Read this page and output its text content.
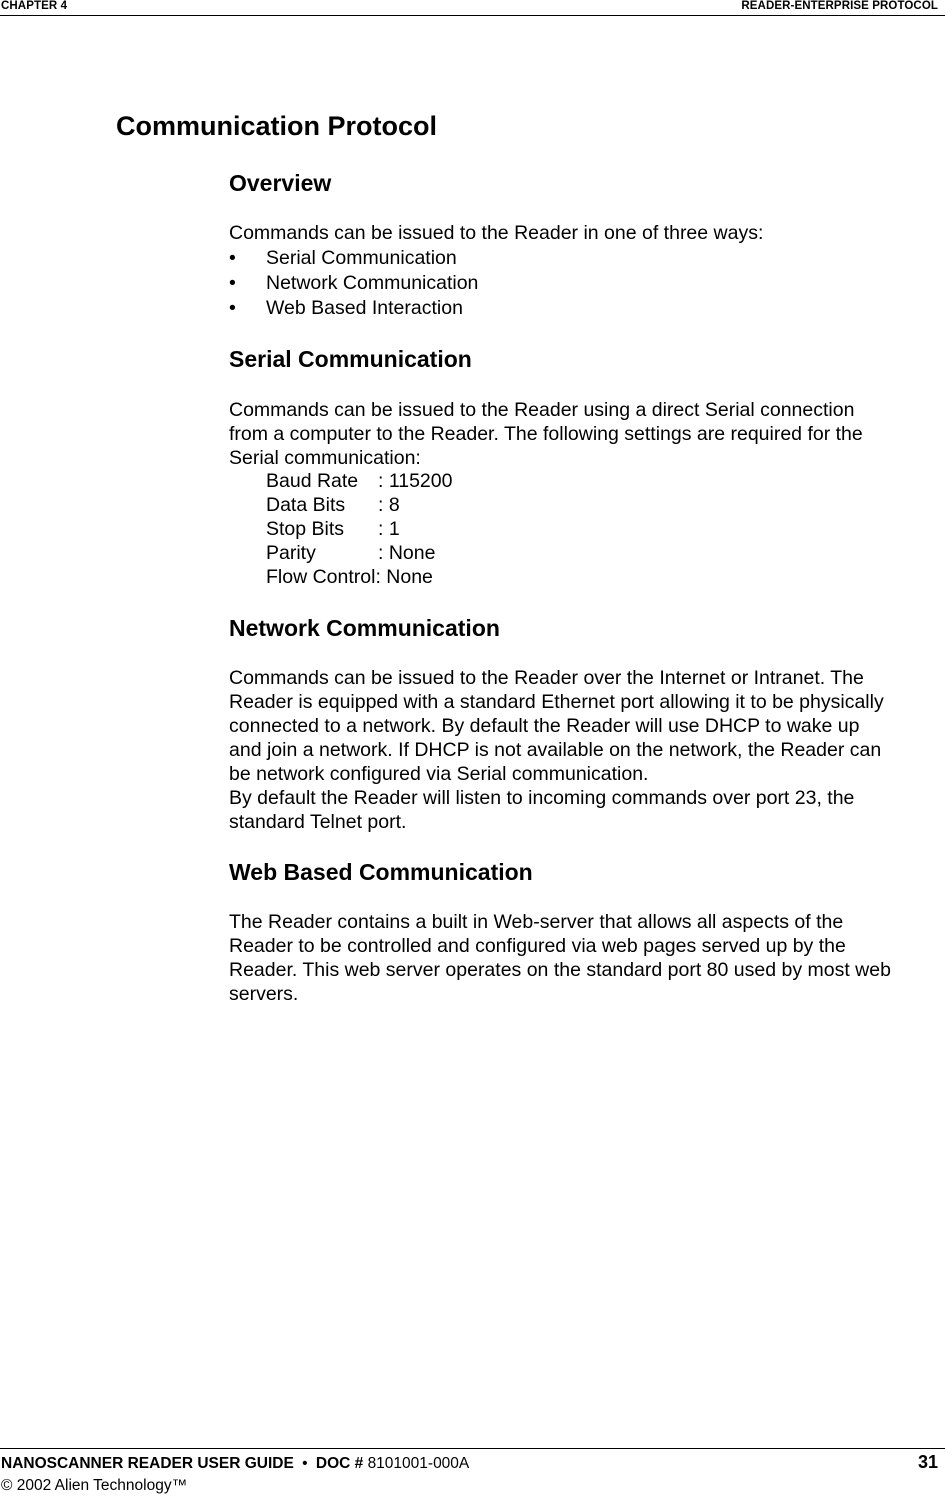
CHAPTER 4	READER-ENTERPRISE PROTOCOL
Communication Protocol
Overview
Commands can be issued to the Reader in one of three ways:
• Serial Communication
• Network Communication
• Web Based Interaction
Serial Communication
Commands can be issued to the Reader using a direct Serial connection
from a computer to the Reader. The following settings are required for the
Serial communication:
Baud Rate : 115200
Data Bits : 8
Stop Bits : 1
Parity	: None
Flow Control: None
Network Communication
Commands can be issued to the Reader over the Internet or Intranet. The
Reader is equipped with a standard Ethernet port allowing it to be physically
connected to a network. By default the Reader will use DHCP to wake up
and join a network. If DHCP is not available on the network, the Reader can
be network configured via Serial communication.
By default the Reader will listen to incoming commands over port 23, the
standard Telnet port.
Web Based Communication
The Reader contains a built in Web-server that allows all aspects of the
Reader to be controlled and configured via web pages served up by the
Reader. This web server operates on the standard port 80 used by most web
servers.
NANOSCANNER READER USER GUIDE • DOC # 8101001-000A
© 2002 Alien Technology™
31
